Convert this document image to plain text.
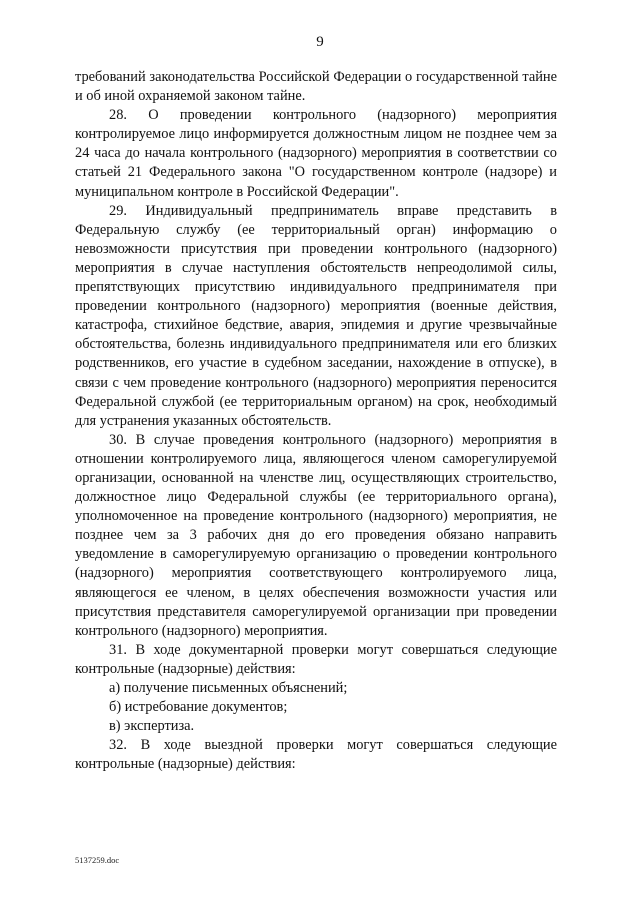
9

требований законодательства Российской Федерации о государственной тайне и об иной охраняемой законом тайне.

28. О проведении контрольного (надзорного) мероприятия контролируемое лицо информируется должностным лицом не позднее чем за 24 часа до начала контрольного (надзорного) мероприятия в соответствии со статьей 21 Федерального закона "О государственном контроле (надзоре) и муниципальном контроле в Российской Федерации".

29. Индивидуальный предприниматель вправе представить в Федеральную службу (ее территориальный орган) информацию о невозможности присутствия при проведении контрольного (надзорного) мероприятия в случае наступления обстоятельств непреодолимой силы, препятствующих присутствию индивидуального предпринимателя при проведении контрольного (надзорного) мероприятия (военные действия, катастрофа, стихийное бедствие, авария, эпидемия и другие чрезвычайные обстоятельства, болезнь индивидуального предпринимателя или его близких родственников, его участие в судебном заседании, нахождение в отпуске), в связи с чем проведение контрольного (надзорного) мероприятия переносится Федеральной службой (ее территориальным органом) на срок, необходимый для устранения указанных обстоятельств.

30. В случае проведения контрольного (надзорного) мероприятия в отношении контролируемого лица, являющегося членом саморегулируемой организации, основанной на членстве лиц, осуществляющих строительство, должностное лицо Федеральной службы (ее территориального органа), уполномоченное на проведение контрольного (надзорного) мероприятия, не позднее чем за 3 рабочих дня до его проведения обязано направить уведомление в саморегулируемую организацию о проведении контрольного (надзорного) мероприятия соответствующего контролируемого лица, являющегося ее членом, в целях обеспечения возможности участия или присутствия представителя саморегулируемой организации при проведении контрольного (надзорного) мероприятия.

31. В ходе документарной проверки могут совершаться следующие контрольные (надзорные) действия:

а) получение письменных объяснений;

б) истребование документов;

в) экспертиза.

32. В ходе выездной проверки могут совершаться следующие контрольные (надзорные) действия:

5137259.doc
